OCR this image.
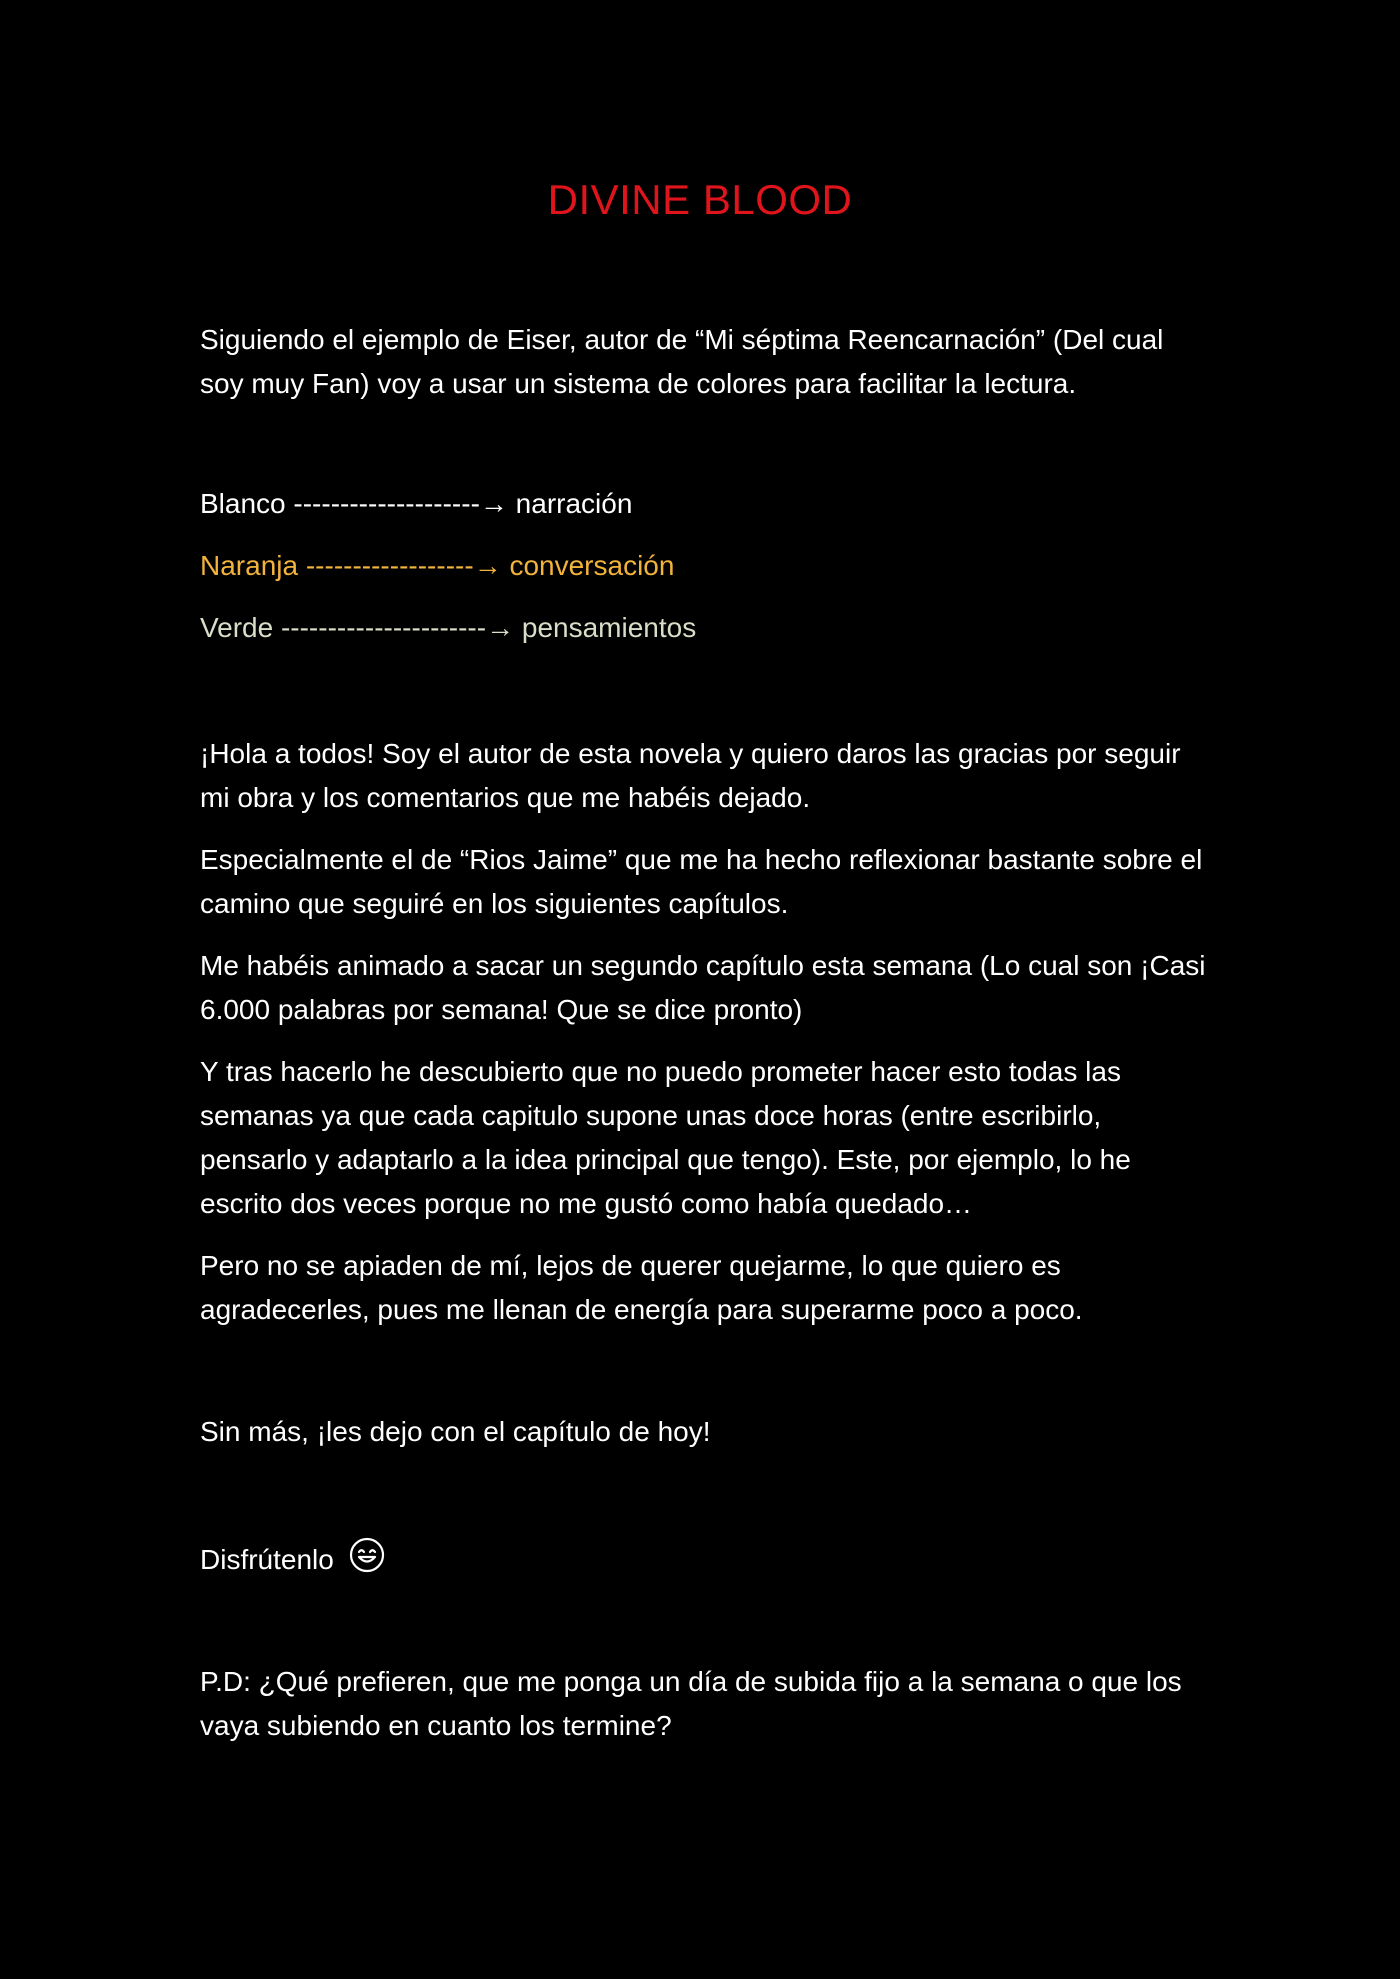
DIVINE BLOOD

Siguiendo el ejemplo de Eiser, autor de “Mi séptima Reencarnación” (Del cual soy muy Fan) voy a usar un sistema de colores para facilitar la lectura.

Blanco --------------------→ narración

Naranja ------------------→ conversación

Verde ----------------------→ pensamientos

¡Hola a todos! Soy el autor de esta novela y quiero daros las gracias por seguir mi obra y los comentarios que me habéis dejado.

Especialmente el de “Rios Jaime” que me ha hecho reflexionar bastante sobre el camino que seguiré en los siguientes capítulos.

Me habéis animado a sacar un segundo capítulo esta semana (Lo cual son ¡Casi 6.000 palabras por semana! Que se dice pronto)

Y tras hacerlo he descubierto que no puedo prometer hacer esto todas las semanas ya que cada capitulo supone unas doce horas (entre escribirlo, pensarlo y adaptarlo a la idea principal que tengo). Este, por ejemplo, lo he escrito dos veces porque no me gustó como había quedado…

Pero no se apiaden de mí, lejos de querer quejarme, lo que quiero es agradecerles, pues me llenan de energía para superarme poco a poco.

Sin más, ¡les dejo con el capítulo de hoy!

Disfrútenlo

P.D: ¿Qué prefieren, que me ponga un día de subida fijo a la semana o que los vaya subiendo en cuanto los termine?
